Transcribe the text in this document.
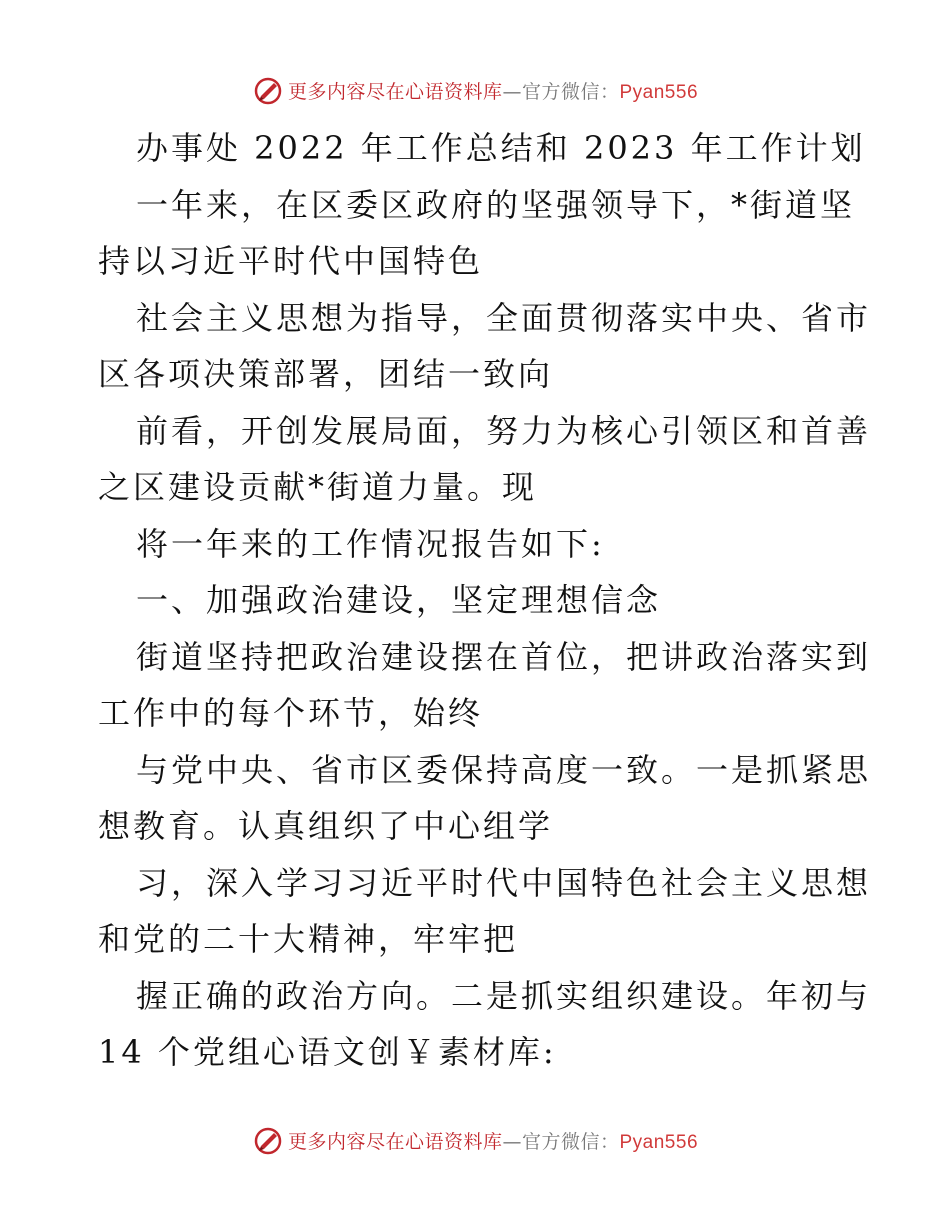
更多内容尽在心语资料库—官方微信：Pyan556
办事处 2022 年工作总结和 2023 年工作计划
一年来，在区委区政府的坚强领导下，*街道坚
持以习近平时代中国特色
社会主义思想为指导，全面贯彻落实中央、省市
区各项决策部署，团结一致向
前看，开创发展局面，努力为核心引领区和首善
之区建设贡献*街道力量。现
将一年来的工作情况报告如下:
一、加强政治建设，坚定理想信念
街道坚持把政治建设摆在首位，把讲政治落实到
工作中的每个环节，始终
与党中央、省市区委保持高度一致。一是抓紧思
想教育。认真组织了中心组学
习，深入学习习近平时代中国特色社会主义思想
和党的二十大精神，牢牢把
握正确的政治方向。二是抓实组织建设。年初与
14 个党组心语文创￥素材库:
更多内容尽在心语资料库—官方微信：Pyan556
